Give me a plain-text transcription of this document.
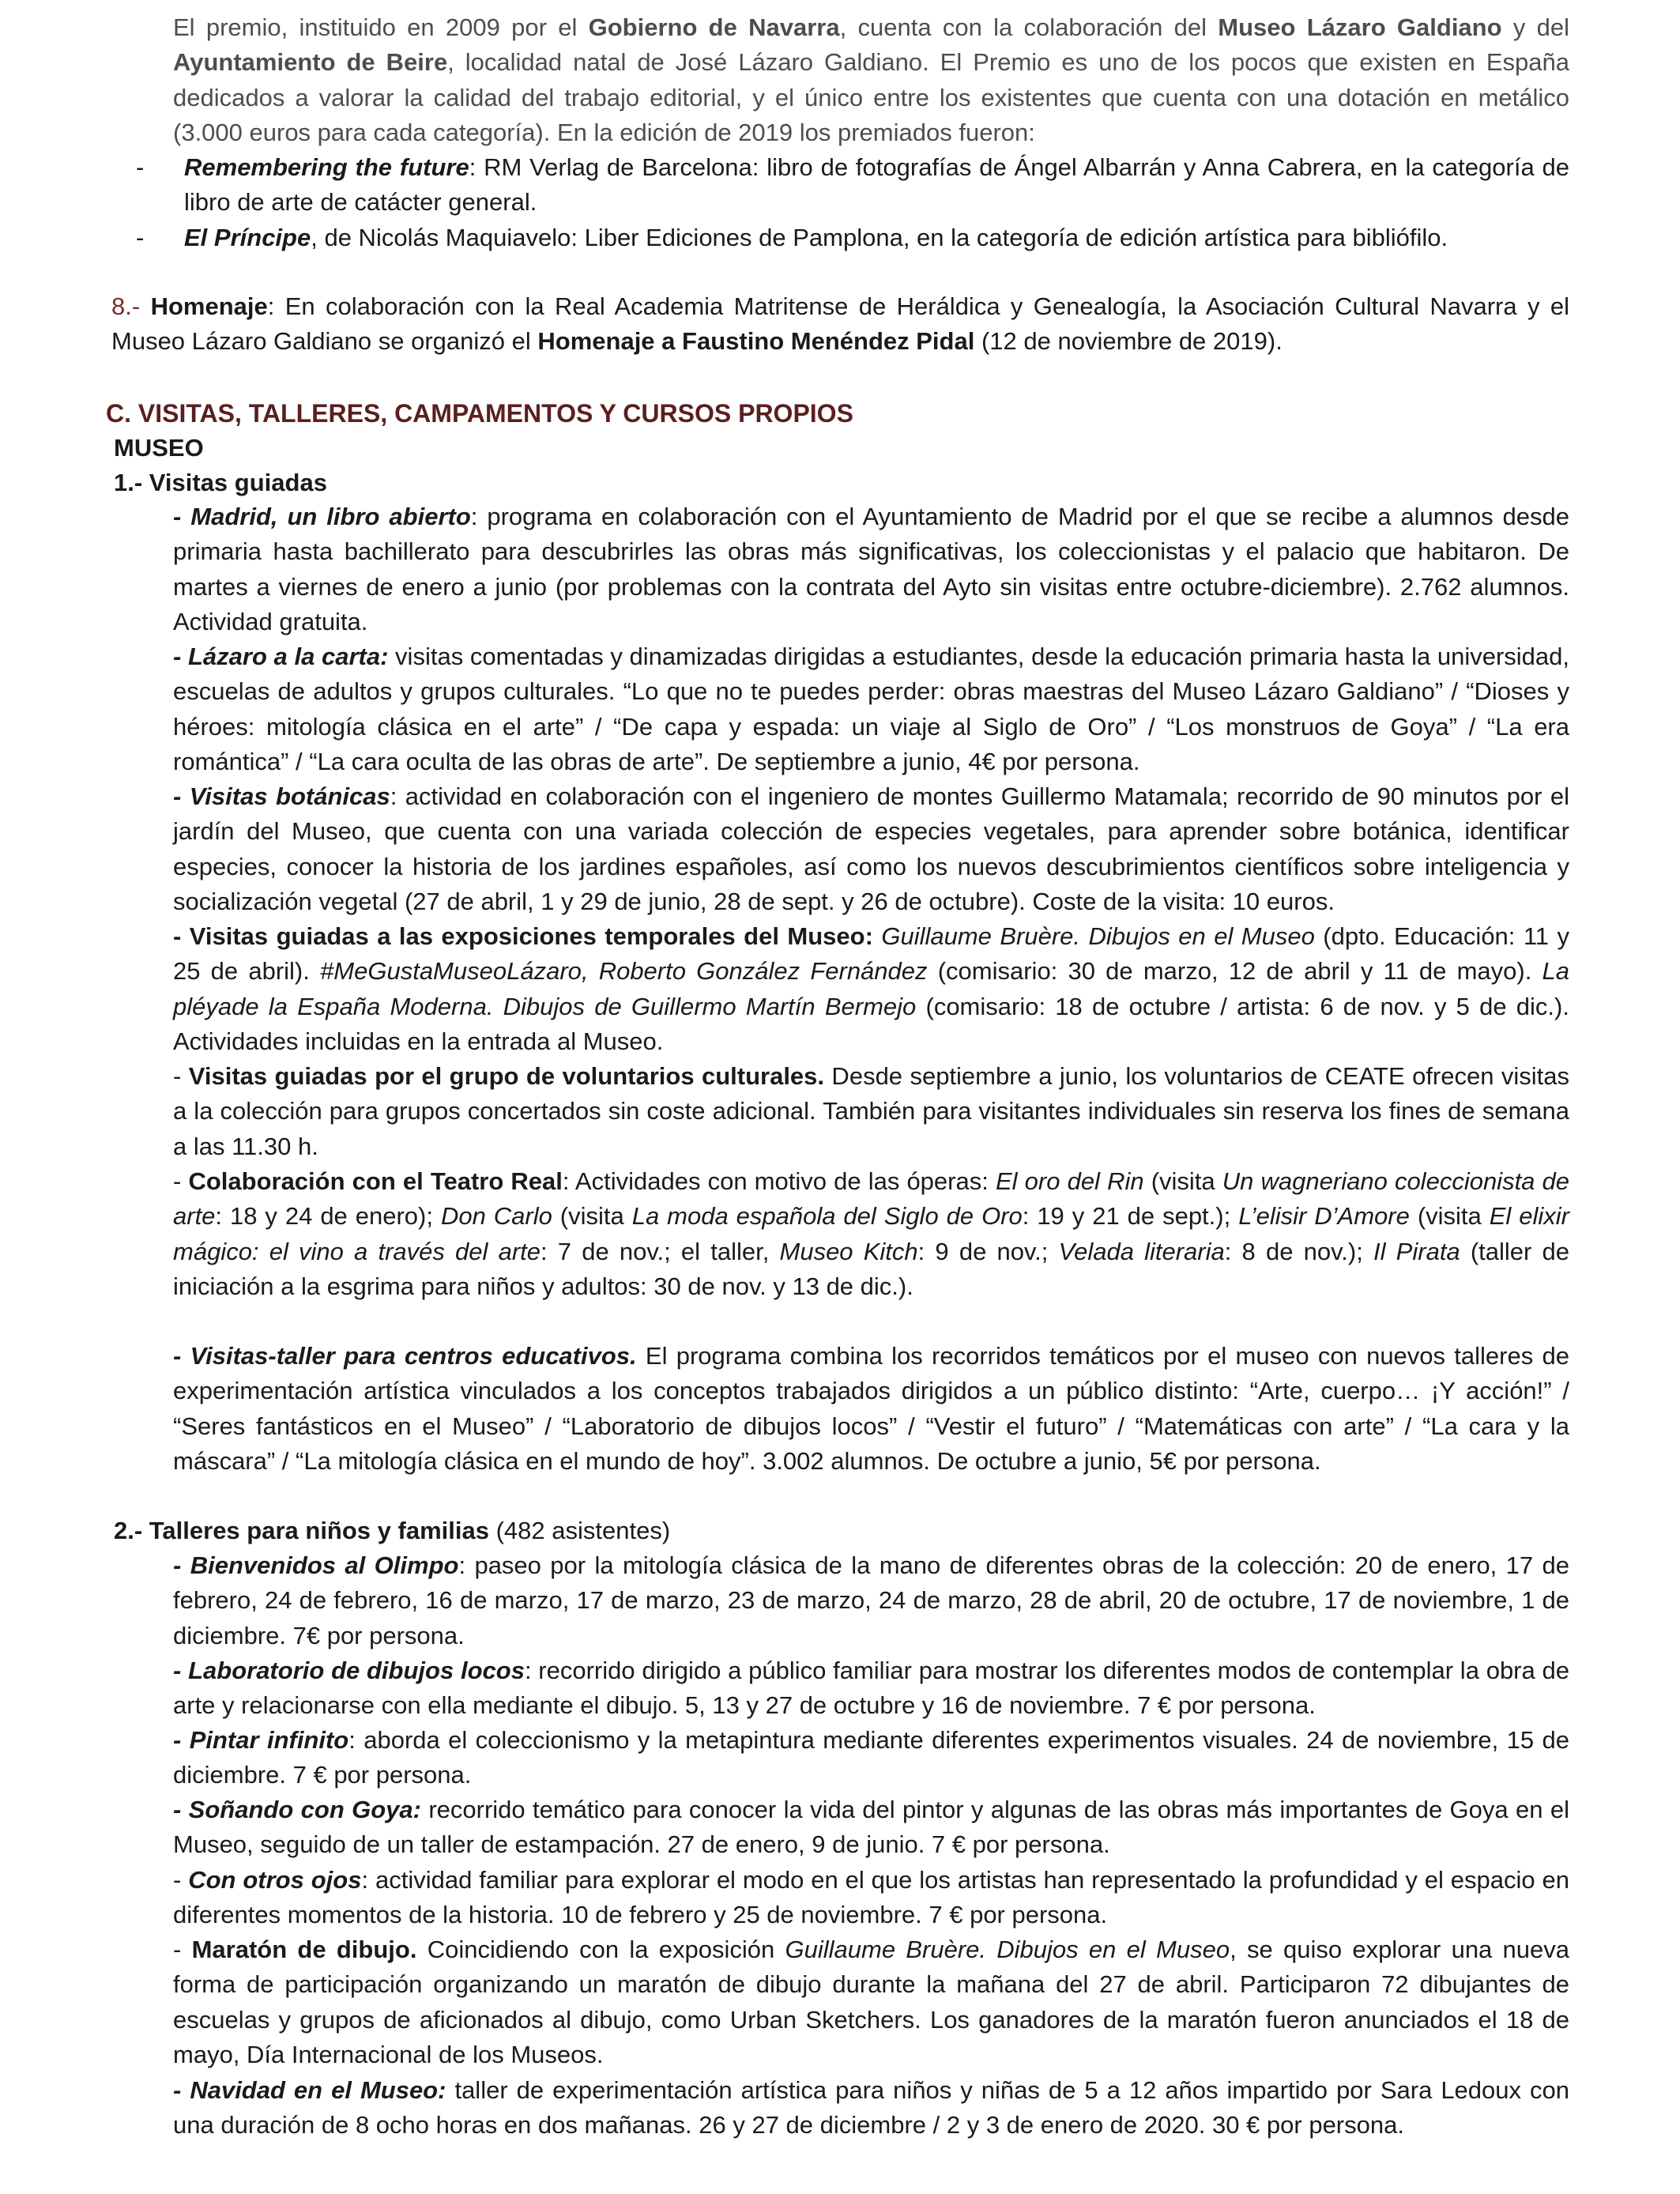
El premio, instituido en 2009 por el Gobierno de Navarra, cuenta con la colaboración del Museo Lázaro Galdiano y del Ayuntamiento de Beire, localidad natal de José Lázaro Galdiano. El Premio es uno de los pocos que existen en España dedicados a valorar la calidad del trabajo editorial, y el único entre los existentes que cuenta con una dotación en metálico (3.000 euros para cada categoría). En la edición de 2019 los premiados fueron:

- Remembering the future: RM Verlag de Barcelona: libro de fotografías de Ángel Albarrán y Anna Cabrera, en la categoría de libro de arte de catácter general.

- El Príncipe, de Nicolás Maquiavelo: Liber Ediciones de Pamplona, en la categoría de edición artística para bibliófilo.

8.- Homenaje: En colaboración con la Real Academia Matritense de Heráldica y Genealogía, la Asociación Cultural Navarra y el Museo Lázaro Galdiano se organizó el Homenaje a Faustino Menéndez Pidal (12 de noviembre de 2019).

C. VISITAS, TALLERES, CAMPAMENTOS Y CURSOS PROPIOS
MUSEO
1.- Visitas guiadas

- Madrid, un libro abierto: programa en colaboración con el Ayuntamiento de Madrid por el que se recibe a alumnos desde primaria hasta bachillerato para descubrirles las obras más significativas, los coleccionistas y el palacio que habitaron. De martes a viernes de enero a junio (por problemas con la contrata del Ayto sin visitas entre octubre-diciembre). 2.762 alumnos. Actividad gratuita.

- Lázaro a la carta: visitas comentadas y dinamizadas dirigidas a estudiantes, desde la educación primaria hasta la universidad, escuelas de adultos y grupos culturales. “Lo que no te puedes perder: obras maestras del Museo Lázaro Galdiano” / “Dioses y héroes: mitología clásica en el arte” / “De capa y espada: un viaje al Siglo de Oro” / “Los monstruos de Goya” / “La era romántica” / “La cara oculta de las obras de arte”. De septiembre a junio, 4€ por persona.

- Visitas botánicas: actividad en colaboración con el ingeniero de montes Guillermo Matamala; recorrido de 90 minutos por el jardín del Museo, que cuenta con una variada colección de especies vegetales, para aprender sobre botánica, identificar especies, conocer la historia de los jardines españoles, así como los nuevos descubrimientos científicos sobre inteligencia y socialización vegetal (27 de abril, 1 y 29 de junio, 28 de sept. y 26 de octubre). Coste de la visita: 10 euros.

- Visitas guiadas a las exposiciones temporales del Museo: Guillaume Bruère. Dibujos en el Museo (dpto. Educación: 11 y 25 de abril). #MeGustaMuseoLázaro, Roberto González Fernández (comisario: 30 de marzo, 12 de abril y 11 de mayo). La pléyade la España Moderna. Dibujos de Guillermo Martín Bermejo (comisario: 18 de octubre / artista: 6 de nov. y 5 de dic.). Actividades incluidas en la entrada al Museo.

- Visitas guiadas por el grupo de voluntarios culturales. Desde septiembre a junio, los voluntarios de CEATE ofrecen visitas a la colección para grupos concertados sin coste adicional. También para visitantes individuales sin reserva los fines de semana a las 11.30 h.

- Colaboración con el Teatro Real: Actividades con motivo de las óperas: El oro del Rin (visita Un wagneriano coleccionista de arte: 18 y 24 de enero); Don Carlo (visita La moda española del Siglo de Oro: 19 y 21 de sept.); L’elisir D’Amore (visita El elixir mágico: el vino a través del arte: 7 de nov.; el taller, Museo Kitch: 9 de nov.; Velada literaria: 8 de nov.); Il Pirata (taller de iniciación a la esgrima para niños y adultos: 30 de nov. y 13 de dic.).

- Visitas-taller para centros educativos. El programa combina los recorridos temáticos por el museo con nuevos talleres de experimentación artística vinculados a los conceptos trabajados dirigidos a un público distinto: “Arte, cuerpo… ¡Y acción!” / “Seres fantásticos en el Museo” / “Laboratorio de dibujos locos” / “Vestir el futuro” / “Matemáticas con arte” / “La cara y la máscara” / “La mitología clásica en el mundo de hoy”. 3.002 alumnos. De octubre a junio, 5€ por persona.

2.- Talleres para niños y familias (482 asistentes)

- Bienvenidos al Olimpo: paseo por la mitología clásica de la mano de diferentes obras de la colección: 20 de enero, 17 de febrero, 24 de febrero, 16 de marzo, 17 de marzo, 23 de marzo, 24 de marzo, 28 de abril, 20 de octubre, 17 de noviembre, 1 de diciembre. 7€ por persona.

- Laboratorio de dibujos locos: recorrido dirigido a público familiar para mostrar los diferentes modos de contemplar la obra de arte y relacionarse con ella mediante el dibujo. 5, 13 y 27 de octubre y 16 de noviembre. 7 € por persona.

- Pintar infinito: aborda el coleccionismo y la metapintura mediante diferentes experimentos visuales. 24 de noviembre, 15 de diciembre. 7 € por persona.

- Soñando con Goya: recorrido temático para conocer la vida del pintor y algunas de las obras más importantes de Goya en el Museo, seguido de un taller de estampación. 27 de enero, 9 de junio. 7 € por persona.

- Con otros ojos: actividad familiar para explorar el modo en el que los artistas han representado la profundidad y el espacio en diferentes momentos de la historia. 10 de febrero y 25 de noviembre. 7 € por persona.

- Maratón de dibujo. Coincidiendo con la exposición Guillaume Bruère. Dibujos en el Museo, se quiso explorar una nueva forma de participación organizando un maratón de dibujo durante la mañana del 27 de abril. Participaron 72 dibujantes de escuelas y grupos de aficionados al dibujo, como Urban Sketchers. Los ganadores de la maratón fueron anunciados el 18 de mayo, Día Internacional de los Museos.

- Navidad en el Museo: taller de experimentación artística para niños y niñas de 5 a 12 años impartido por Sara Ledoux con una duración de 8 ocho horas en dos mañanas. 26 y 27 de diciembre / 2 y 3 de enero de 2020. 30 € por persona.
